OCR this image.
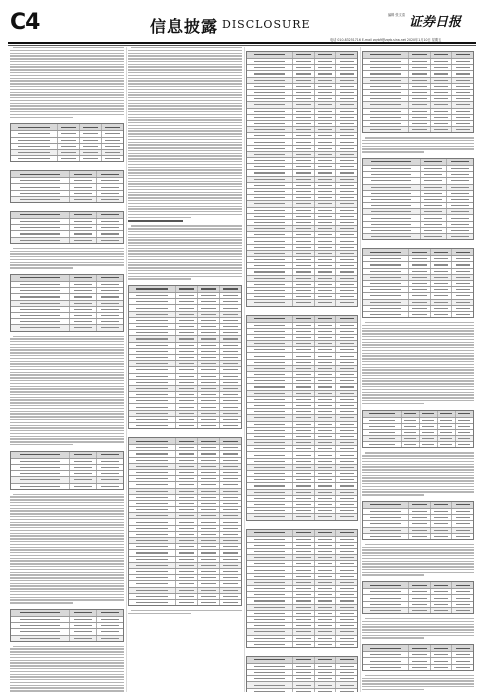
C4	信息披露 DISCLOSURE
编辑 张文清 证券日报
电话 010-83251716 E-mail zqrb9@zqrb.sina.net 2020年1月10日 星期五
